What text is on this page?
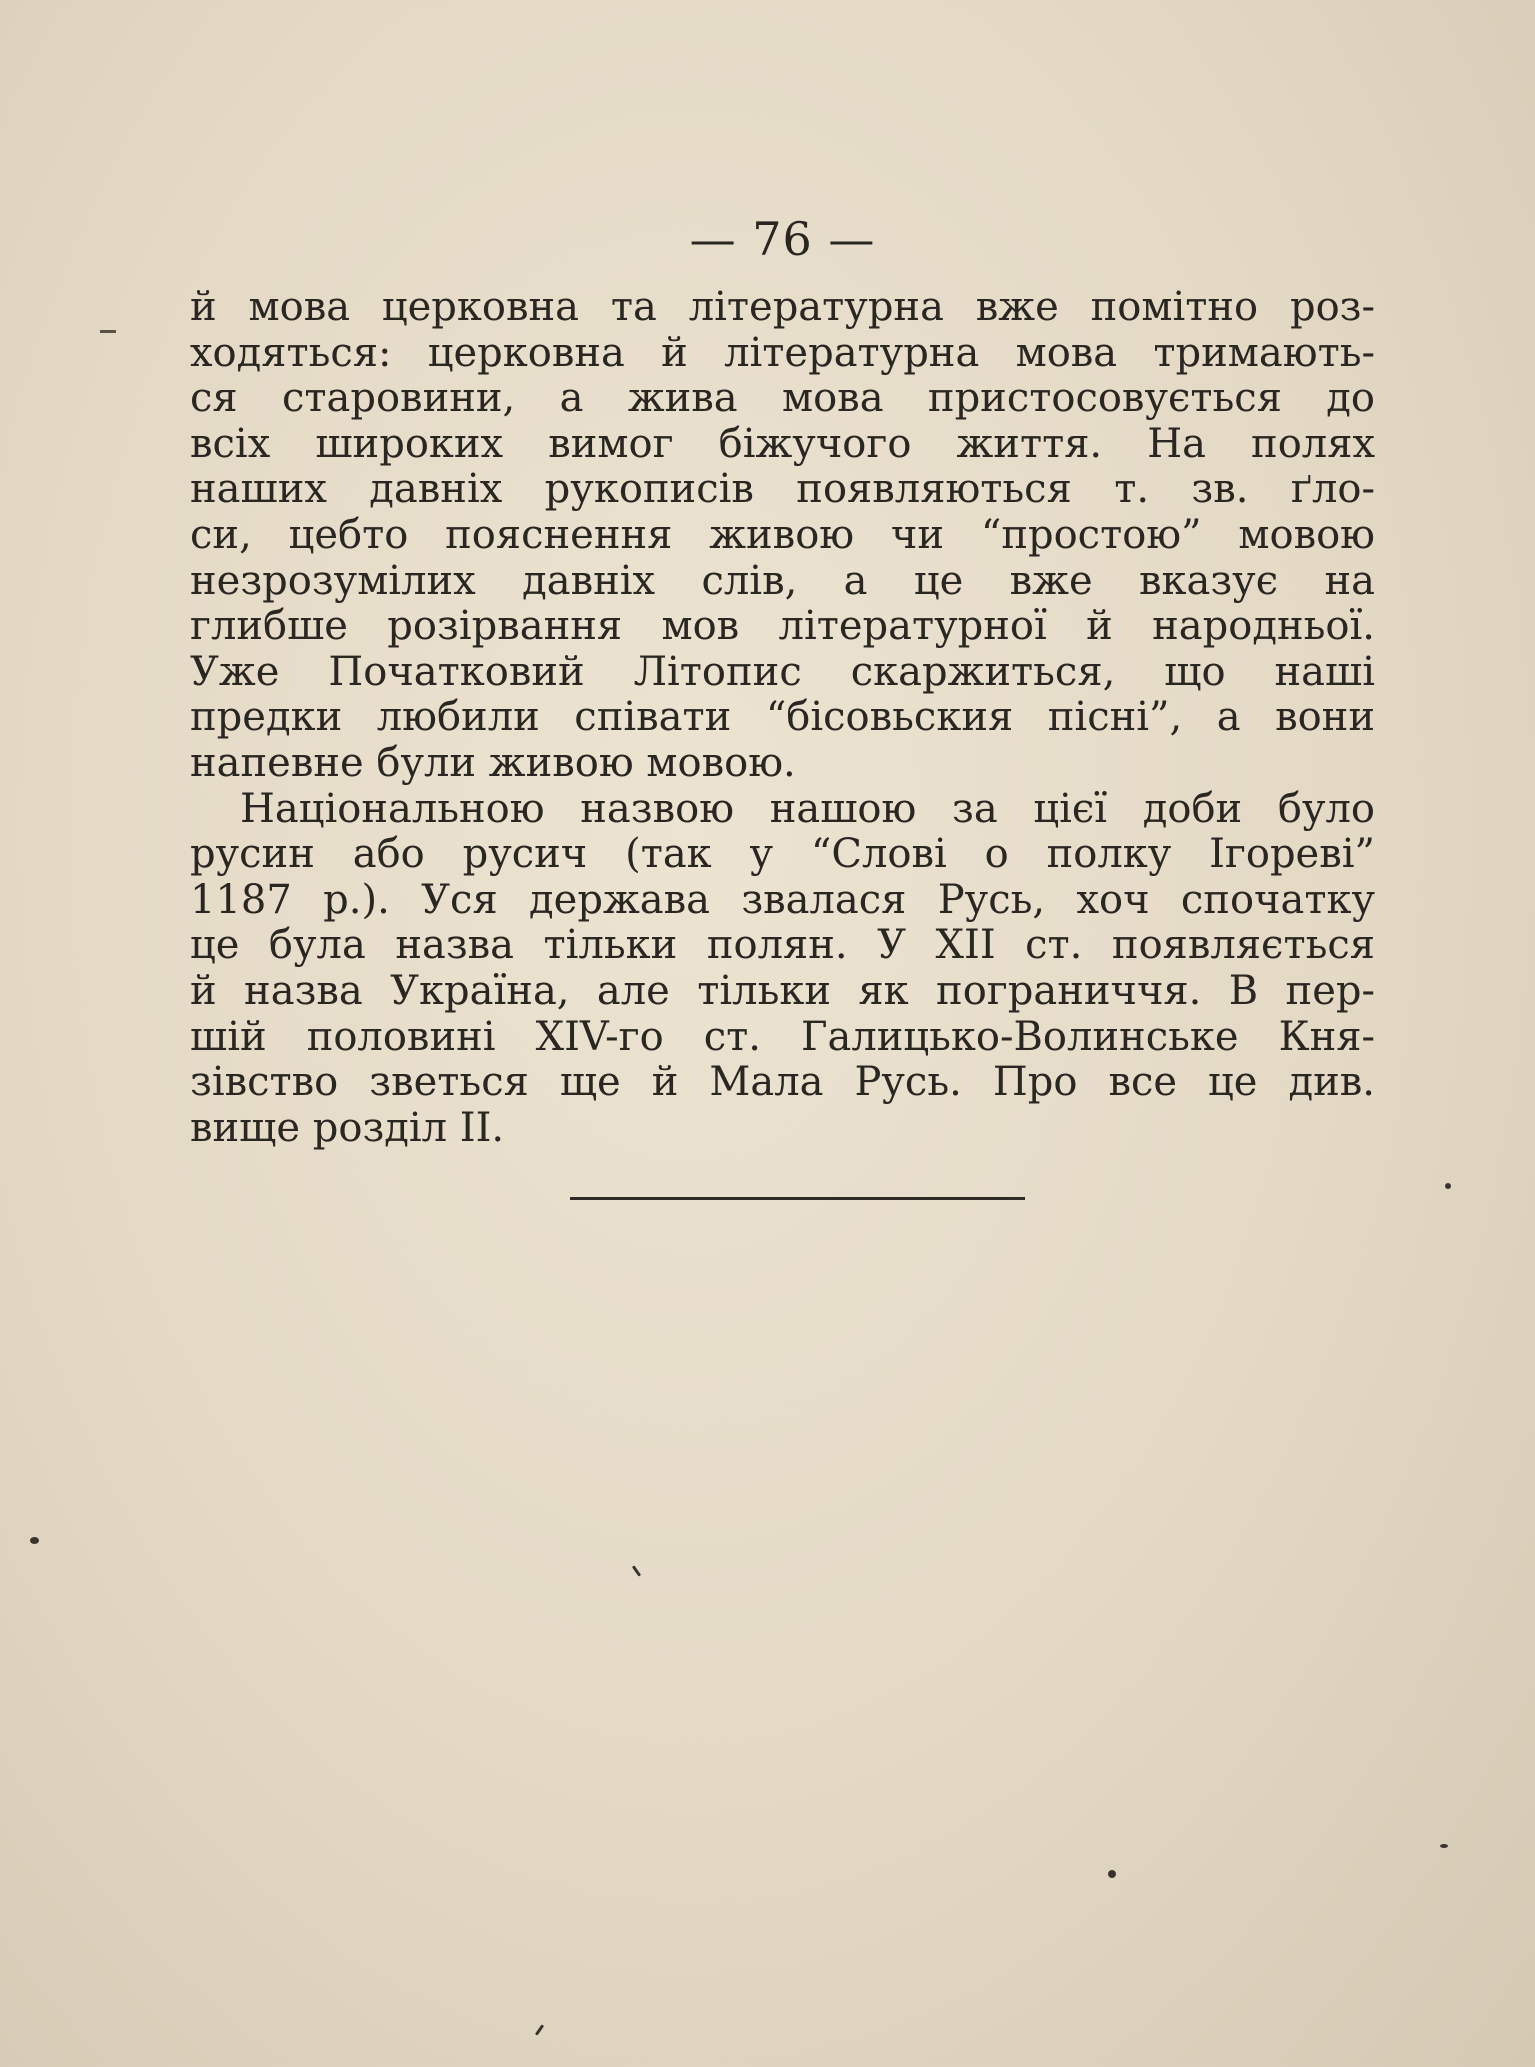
— 76 —
й мова церковна та літературна вже помітно роз-
ходяться: церковна й літературна мова тримають-
ся старовини, а жива мова пристосовується до
всіх широких вимог біжучого життя. На полях
наших давніх рукописів появляються т. зв. ґло-
си, цебто пояснення живою чи “простою” мовою
незрозумілих давніх слів, а це вже вказує на
глибше розірвання мов літературної й народньої.
Уже Початковий Літопис скаржиться, що наші
предки любили співати “бісовьския пісні”, а вони
напевне були живою мовою.
Національною назвою нашою за цієї доби було
русин або русич (так у “Слові о полку Ігореві”
1187 р.). Уся держава звалася Русь, хоч спочатку
це була назва тільки полян. У XII ст. появляється
й назва Україна, але тільки як пограниччя. В пер-
шій половині XIV-го ст. Галицько-Волинське Кня-
зівство зветься ще й Мала Русь. Про все це див.
вище розділ II.
